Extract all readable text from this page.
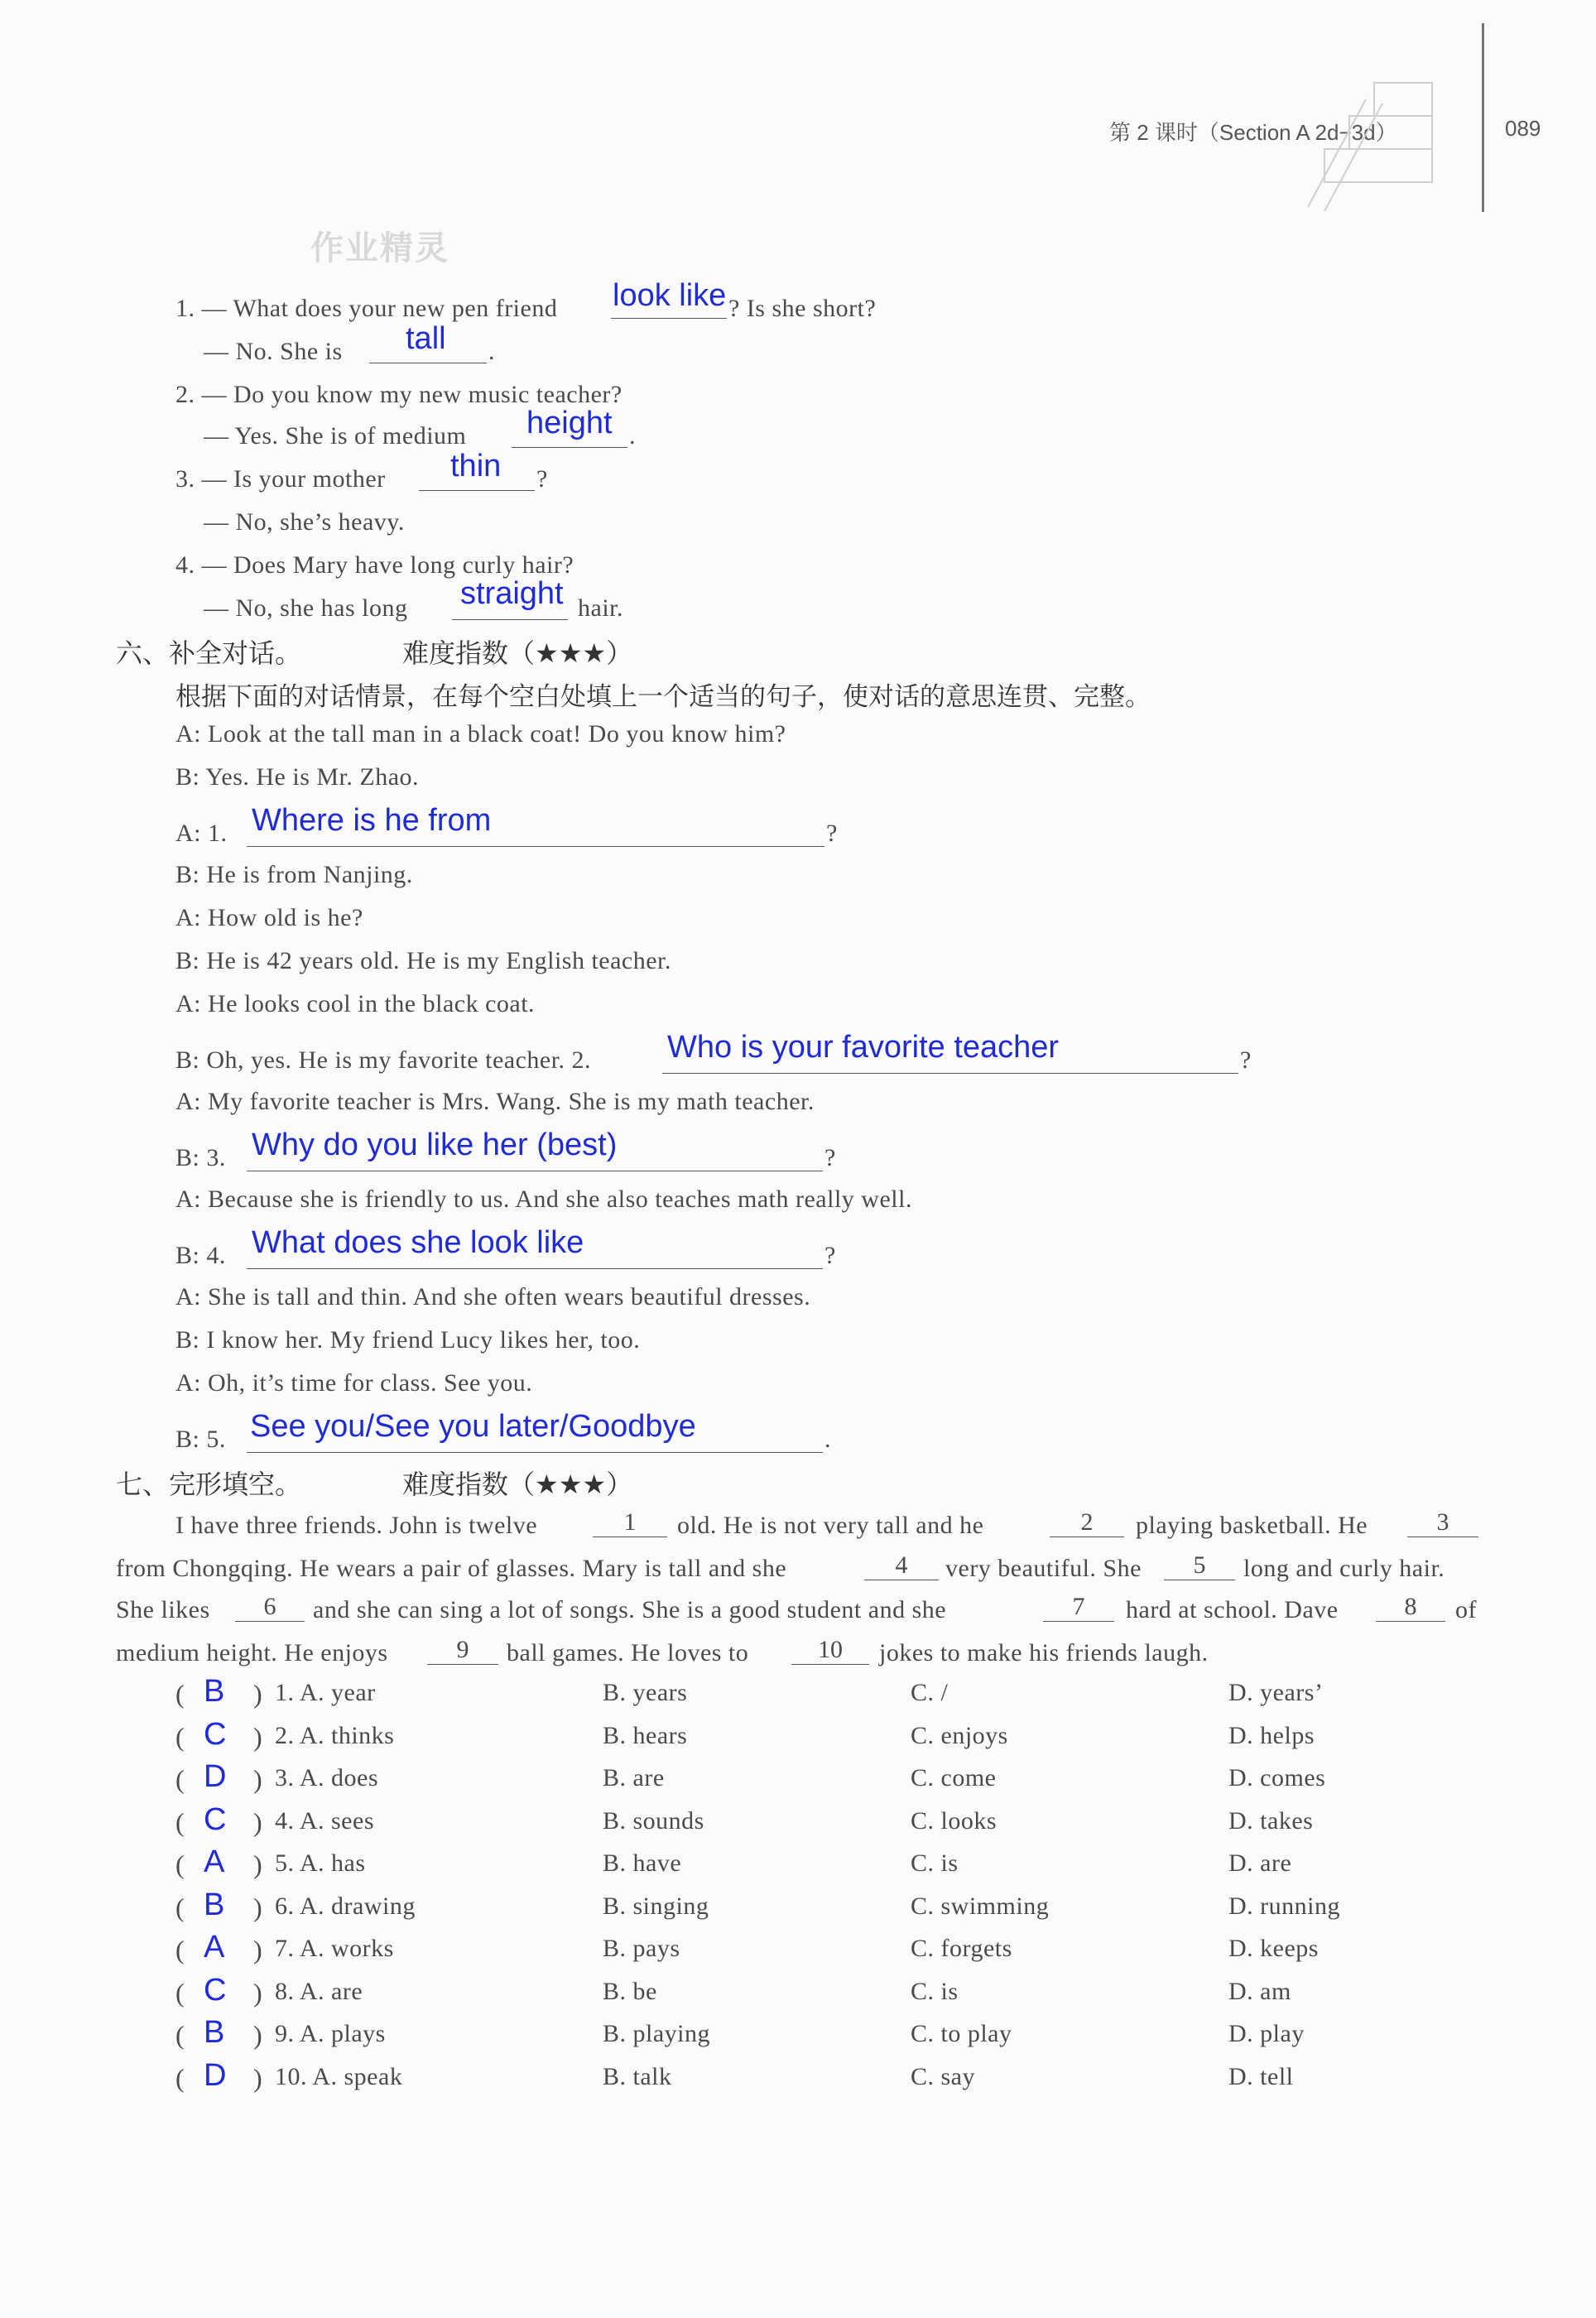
第 2 课时（Section A 2d−3d）	089
作业精灵
1. — What does your new pen friend look like ? Is she short?
— No. She is tall .
2. — Do you know my new music teacher?
— Yes. She is of medium height .
3. — Is your mother thin ?
— No, she’s heavy.
4. — Does Mary have long curly hair?
— No, she has long straight hair.
六、补全对话。	难度指数（★★★）
根据下面的对话情景，在每个空白处填上一个适当的句子，使对话的意思连贯、完整。
A: Look at the tall man in a black coat! Do you know him?
B: Yes. He is Mr. Zhao.
A: 1. Where is he from	?
B: He is from Nanjing.
A: How old is he?
B: He is 42 years old. He is my English teacher.
A: He looks cool in the black coat.
B: Oh, yes. He is my favorite teacher. 2. Who is your favorite teacher	?
A: My favorite teacher is Mrs. Wang. She is my math teacher.
B: 3. Why do you like her (best)	?
A: Because she is friendly to us. And she also teaches math really well.
B: 4. What does she look like	?
A: She is tall and thin. And she often wears beautiful dresses.
B: I know her. My friend Lucy likes her, too.
A: Oh, it’s time for class. See you.
B: 5. See you/See you later/Goodbye	.
七、完形填空。	难度指数（★★★）
I have three friends. John is twelve	1	old. He is not very tall and he	2	playing basketball. He	3
from Chongqing. He wears a pair of glasses. Mary is tall and she	4	very beautiful. She	5	long and curly hair.
She likes	6	and she can sing a lot of songs. She is a good student and she	7	hard at school. Dave	8	of
medium height. He enjoys	9	ball games. He loves to	10	jokes to make his friends laugh.
( B ) 1. A. year	B. years	C. /	D. years’
( C ) 2. A. thinks	B. hears	C. enjoys	D. helps
( D ) 3. A. does	B. are	C. come	D. comes
( C ) 4. A. sees	B. sounds	C. looks	D. takes
( A ) 5. A. has	B. have	C. is	D. are
( B ) 6. A. drawing	B. singing	C. swimming	D. running
( A ) 7. A. works	B. pays	C. forgets	D. keeps
( C ) 8. A. are	B. be	C. is	D. am
( B ) 9. A. plays	B. playing	C. to play	D. play
( D ) 10. A. speak	B. talk	C. say	D. tell
